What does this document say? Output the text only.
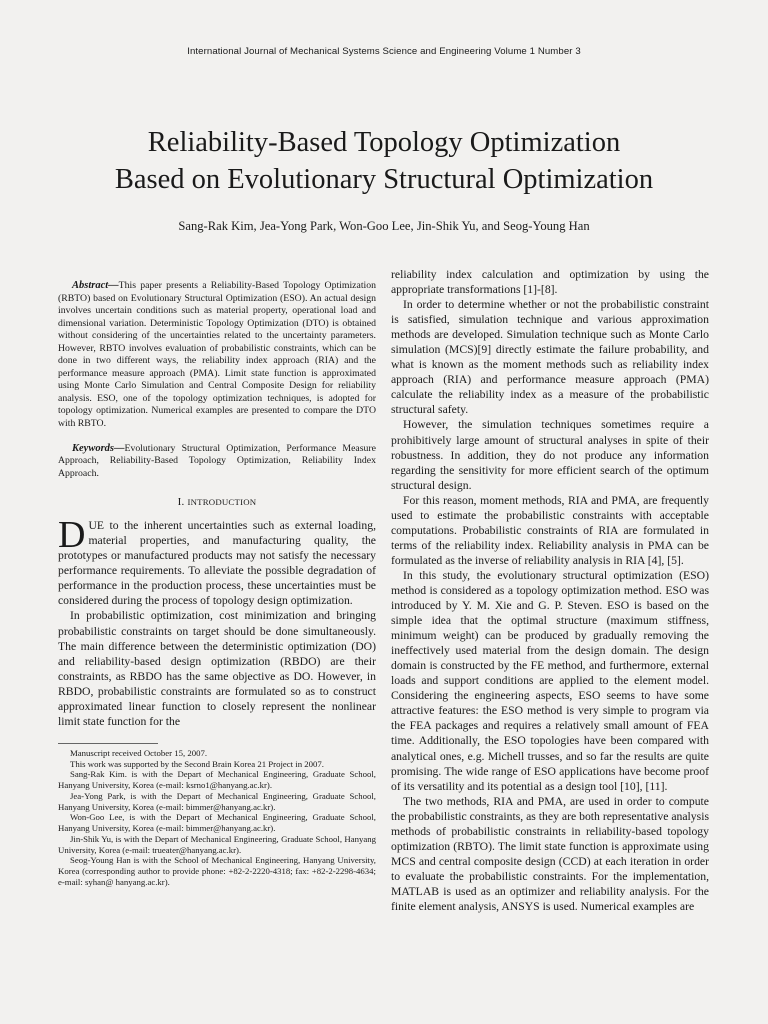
International Journal of Mechanical Systems Science and Engineering Volume 1 Number 3
Reliability-Based Topology Optimization
Based on Evolutionary Structural Optimization
Sang-Rak Kim, Jea-Yong Park, Won-Goo Lee, Jin-Shik Yu, and Seog-Young Han

Abstract—This paper presents a Reliability-Based Topology Optimization (RBTO) based on Evolutionary Structural Optimization (ESO). An actual design involves uncertain conditions such as material property, operational load and dimensional variation. Deterministic Topology Optimization (DTO) is obtained without considering of the uncertainties related to the uncertainty parameters. However, RBTO involves evaluation of probabilistic constraints, which can be done in two different ways, the reliability index approach (RIA) and the performance measure approach (PMA). Limit state function is approximated using Monte Carlo Simulation and Central Composite Design for reliability analysis. ESO, one of the topology optimization techniques, is adopted for topology optimization. Numerical examples are presented to compare the DTO with RBTO.

Keywords—Evolutionary Structural Optimization, Performance Measure Approach, Reliability-Based Topology Optimization, Reliability Index Approach.

I. INTRODUCTION

DUE to the inherent uncertainties such as external loading, material properties, and manufacturing quality, the prototypes or manufactured products may not satisfy the necessary performance requirements. To alleviate the possible degradation of performance in the production process, these uncertainties must be considered during the process of topology design optimization.

In probabilistic optimization, cost minimization and bringing probabilistic constraints on target should be done simultaneously. The main difference between the deterministic optimization (DO) and reliability-based design optimization (RBDO) are their constraints, as RBDO has the same objective as DO. However, in RBDO, probabilistic constraints are formulated so as to construct approximated linear function to closely represent the nonlinear limit state function for the

Manuscript received October 15, 2007.

This work was supported by the Second Brain Korea 21 Project in 2007.

Sang-Rak Kim. is with the Depart of Mechanical Engineering, Graduate School, Hanyang University, Korea (e-mail: ksrno1@hanyang.ac.kr).

Jea-Yong Park, is with the Depart of Mechanical Engineering, Graduate School, Hanyang University, Korea (e-mail: bimmer@hanyang.ac.kr).

Won-Goo Lee, is with the Depart of Mechanical Engineering, Graduate School, Hanyang University, Korea (e-mail: bimmer@hanyang.ac.kr).

Jin-Shik Yu, is with the Depart of Mechanical Engineering, Graduate School, Hanyang University, Korea (e-mail: trueater@hanyang.ac.kr).

Seog-Young Han is with the School of Mechanical Engineering, Hanyang University, Korea (corresponding author to provide phone: +82-2-2220-4318; fax: +82-2-2298-4634; e-mail: syhan@ hanyang.ac.kr).

reliability index calculation and optimization by using the appropriate transformations [1]-[8].

In order to determine whether or not the probabilistic constraint is satisfied, simulation technique and various approximation methods are developed. Simulation technique such as Monte Carlo simulation (MCS)[9] directly estimate the failure probability, and what is known as the moment methods such as reliability index approach (RIA) and performance measure approach (PMA) calculate the reliability index as a measure of the probabilistic structural safety.

However, the simulation techniques sometimes require a prohibitively large amount of structural analyses in spite of their robustness. In addition, they do not produce any information regarding the sensitivity for more efficient search of the optimum structural design.

For this reason, moment methods, RIA and PMA, are frequently used to estimate the probabilistic constraints with acceptable computations. Probabilistic constraints of RIA are formulated in terms of the reliability index. Reliability analysis in PMA can be formulated as the inverse of reliability analysis in RIA [4], [5].

In this study, the evolutionary structural optimization (ESO) method is considered as a topology optimization method. ESO was introduced by Y. M. Xie and G. P. Steven. ESO is based on the simple idea that the optimal structure (maximum stiffness, minimum weight) can be produced by gradually removing the ineffectively used material from the design domain. The design domain is constructed by the FE method, and furthermore, external loads and support conditions are applied to the element model. Considering the engineering aspects, ESO seems to have some attractive features: the ESO method is very simple to program via the FEA packages and requires a relatively small amount of FEA time. Additionally, the ESO topologies have been compared with analytical ones, e.g. Michell trusses, and so far the results are quite promising. The wide range of ESO applications have become proof of its versatility and its potential as a design tool [10], [11].

The two methods, RIA and PMA, are used in order to compute the probabilistic constraints, as they are both representative analysis methods of probabilistic constraints in reliability-based topology optimization (RBTO). The limit state function is approximate using MCS and central composite design (CCD) at each iteration in order to evaluate the probabilistic constraints. For the implementation, MATLAB is used as an optimizer and reliability analysis. For the finite element analysis, ANSYS is used. Numerical examples are
